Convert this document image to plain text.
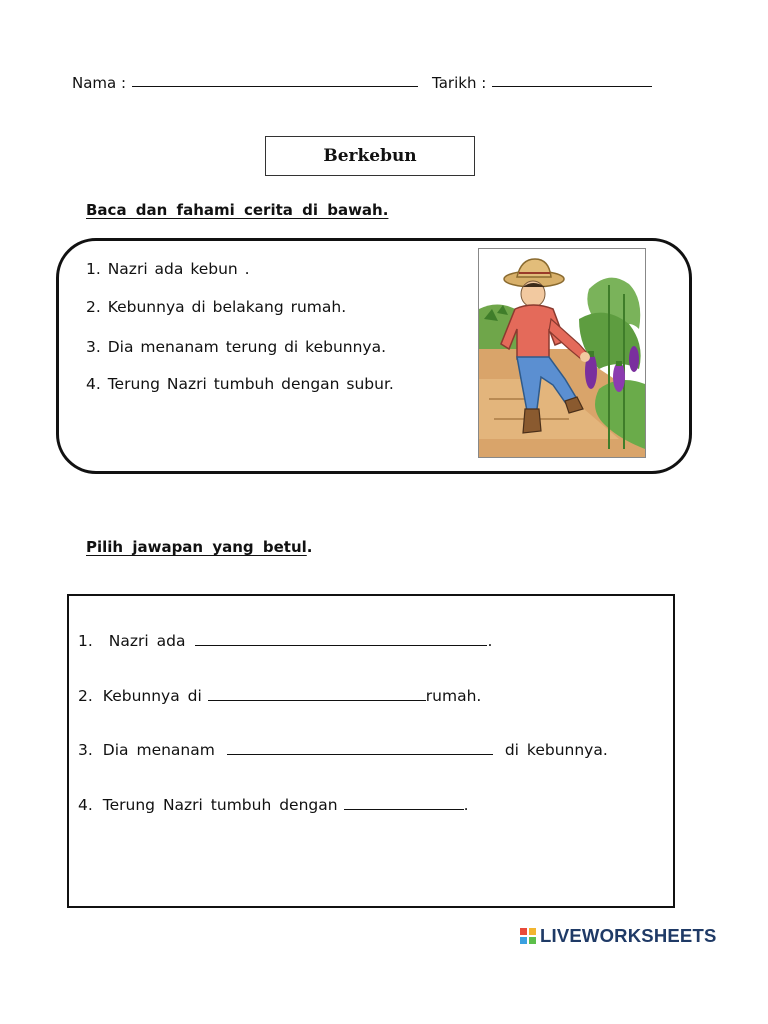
Nama :	Tarikh :
Berkebun
Baca dan fahami cerita di bawah.
1. Nazri ada kebun .
2. Kebunnya di belakang rumah.
3. Dia menanam terung di kebunnya.
4. Terung Nazri tumbuh dengan subur.
Pilih jawapan yang betul.
1. Nazri ada	.
2. Kebunnya di	rumah.
3. Dia menanam	di kebunnya.
4. Terung Nazri tumbuh dengan	.
LIVEWORKSHEETS
